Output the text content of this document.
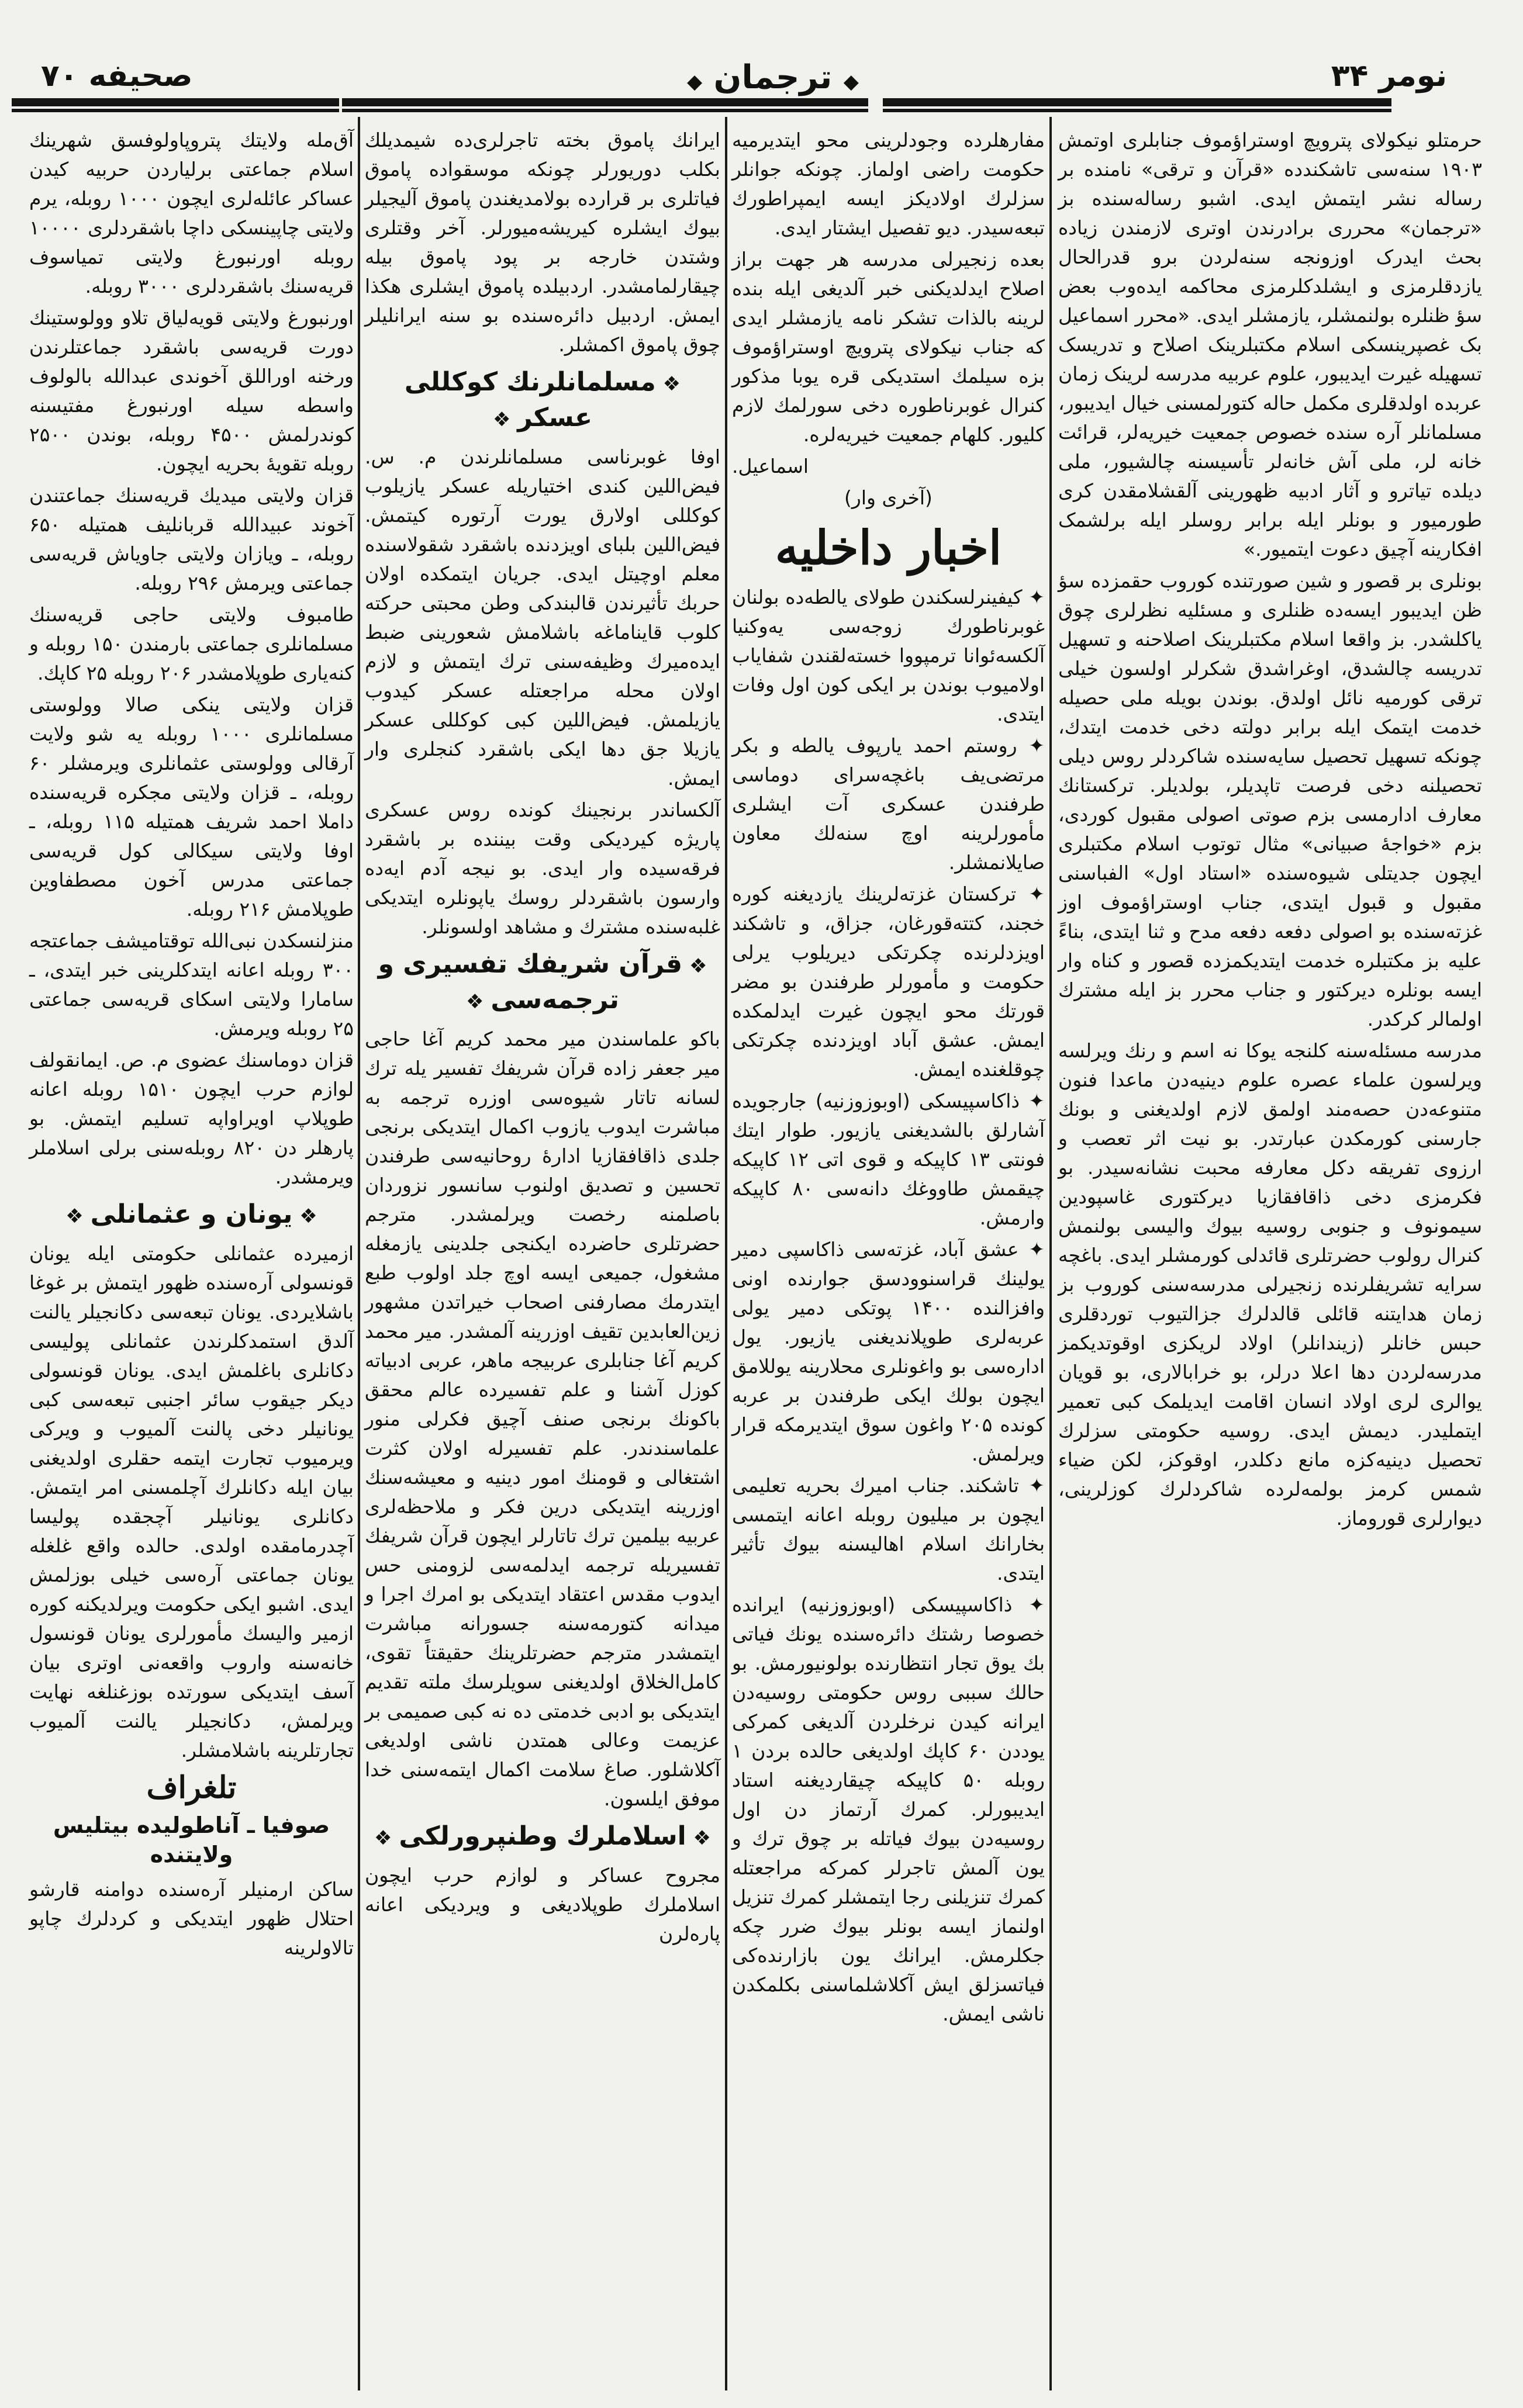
نومر ۳۴
◆ ترجمان ◆
صحیفه ۷۰

حرمتلو نیکولای پترویچ اوستراؤموف جنابلری اوتمش ۱۹۰۳ سنه‌سی تاشکندده «قرآن و ترقی» نامنده بر رساله نشر ایتمش ایدی. اشبو رساله‌سنده بز «ترجمان» محرری برادرندن اوتری لازمندن زیاده بحث ایدرک اوزونجه سنه‌لردن برو قدرالحال یازدقلرمزی و ایشلدکلرمزی محاکمه ایده‌وب بعض سؤ ظنلره بولنمشلر، یازمشلر ایدی. «محرر اسماعیل بک غصپرینسکی اسلام مکتبلرینک اصلاح و تدریسک تسهیله غیرت ایدیبور، علوم عربیه مدرسه لرینک زمان عربده اولدقلری مکمل حاله کتورلمسنی خیال ایدیبور، مسلمانلر آره سنده خصوص جمعیت خیریه‌لر، قرائت خانه لر، ملی آش خانه‌لر تأسیسنه چالشیور، ملی دیلده تیاترو و آثار ادبیه ظهورینی آلقشلامقدن کری طورمیور و بونلر ایله برابر روسلر ایله برلشمک افکارینه آچیق دعوت ایتمیور.»

بونلری بر قصور و شین صورتنده کوروب حقمزده سؤ ظن ایدیبور ایسه‌ده ظنلری و مسئلیه نظرلری چوق یاکلشدر. بز واقعا اسلام مکتبلرینک اصلاحنه و تسهیل تدریسه چالشدق، اوغراشدق شکرلر اولسون خیلی ترقی کورمیه نائل اولدق. بوندن بویله ملی حصیله خدمت ایتمک ایله برابر دولته دخی خدمت ایتدك، چونکه تسهیل تحصیل سایه‌سنده شاکردلر روس دیلی تحصیلنه دخی فرصت تاپدیلر، بولدیلر. ترکستانك معارف ادارمسی بزم صوتی اصولی مقبول کوردی، بزم «خواجهٔ صبیانی» مثال توتوب اسلام مکتبلری ایچون جدیتلی شیوه‌سنده «استاد اول» الفباسنی مقبول و قبول ایتدی، جناب اوستراؤموف اوز غزته‌سنده بو اصولی دفعه دفعه مدح و ثنا ایتدی، بناءً علیه بز مکتبلره خدمت ایتدیکمزده قصور و کناه وار ایسه بونلره دیرکتور و جناب محرر بز ایله مشترك اولمالر کرکدر.

مدرسه مسئله‌سنه کلنجه یوکا نه اسم و رنك ویرلسه ویرلسون علماء عصره علوم دینیه‌دن ماعدا فنون متنوعه‌دن حصه‌مند اولمق لازم اولدیغنی و بونك جارسنی کورمکدن عبارتدر. بو نیت اثر تعصب و ارزوی تفریقه دکل معارفه محبت نشانه‌سیدر. بو فکرمزی دخی ذاقافقازیا دیرکتوری غاسپودین سیمونوف و جنوبی روسیه بیوك والیسی بولنمش کنرال رولوب حضرتلری قائدلی کورمشلر ایدی. باغچه سرایه تشریفلرنده زنجیرلی مدرسه‌سنی کوروب بز زمان هدایتنه قائلی قالدلرك جزالتیوب توردقلری حبس خانلر (زیندانلر) اولاد لریکزی اوقوتدیکمز مدرسه‌لردن دها اعلا درلر، بو خرابالاری، بو قویان یوالری لری اولاد انسان اقامت ایدیلمک کبی تعمیر ایتملیدر. دیمش ایدی. روسیه حکومتی سزلرك تحصیل دینیه‌کزه مانع دکلدر، اوقوکز، لکن ضیاء شمس کرمز بولمه‌لرده شاکردلرك کوزلرینی، دیوارلری قوروماز.

مفارهلرده وجودلرینی محو ایتدیرمیه حکومت راضی اولماز. چونکه جوانلر سزلرك اولادیکز ایسه ایمپراطورك تبعه‌سیدر. دیو تفصیل ایشتار ایدی.

بعده زنجیرلی مدرسه هر جهت براز اصلاح ایدلدیکنی خبر آلدیغی ایله بنده لرینه بالذات تشکر نامه یازمشلر ایدی که جناب نیکولای پترویچ اوستراؤموف بزه سیلمك استدیکی قره یوبا مذکور کنرال غوبرناطوره دخی سورلمك لازم کلیور. کلهام جمعیت خیریه‌لره.

اسماعیل.

(آخری وار)

اخبار داخلیه

✦ کیفینرلسکندن طولای یالطه‌ده بولنان غوبرناطورك زوجه‌سی یه‌وکنیا آلکسه‌ئوانا ترمپووا خسته‌لقندن شفایاب اولامیوب بوندن بر ایکی کون اول وفات ایتدی.

✦ روستم احمد یارپوف یالطه و بکر مرتضی‌یف باغچه‌سرای دوماسی طرفندن عسکری آت ایشلری مأمورلرینه اوچ سنه‌لك معاون صایلانمشلر.

✦ ترکستان غزته‌لرینك یازدیغنه کوره خجند، کتته‌قورغان، جزاق، و تاشکند اویزدلرنده چکرتکی دیریلوب یرلی حکومت و مأمورلر طرفندن بو مضر قورتك محو ایچون غیرت ایدلمکده ایمش. عشق آباد اویزدنده چکرتکی چوقلغنده ایمش.

✦ ذاکاسپیسکی (اوبوزوزنیه) جارجویده آشارلق بالشدیغنی یازیور. طوار ایتك فونتی ۱۳ کاپیکه و قوی اتی ۱۲ کاپیکه چیقمش طاووغك دانه‌سی ۸۰ کاپیکه وارمش.

✦ عشق آباد، غزته‌سی ذاکاسپی دمیر یولینك قراسنوودسق جوارنده اونی وافزالنده ۱۴۰۰ پوتکی دمیر یولی عربه‌لری طوپلاندیغنی یازیور. یول اداره‌سی بو واغونلری محلارینه یوللامق ایچون بولك ایکی طرفندن بر عربه کونده ۲۰۵ واغون سوق ایتدیرمکه قرار ویرلمش.

✦ تاشکند. جناب امیرك بحریه تعلیمی ایچون بر میلیون روبله اعانه ایتمسی بخارانك اسلام اهالیسنه بیوك تأثیر ایتدی.

✦ ذاکاسپیسکی (اوبوزوزنیه) ایرانده خصوصا رشتك دائره‌سنده یونك فیاتی بك یوق تجار انتظارنده بولونیورمش. بو حالك سببی روس حکومتی روسیه‌دن ایرانه کیدن نرخلردن آلدیغی کمرکی یوددن ۶۰ کاپك اولدیغی حالده بردن ۱ روبله ۵۰ کاپیکه چیقاردیغنه استاد ایدیبورلر. کمرك آرتماز دن اول روسیه‌دن بیوك فیاتله بر چوق ترك و یون آلمش تاجرلر کمرکه مراجعتله کمرك تنزیلنی رجا ایتمشلر کمرك تنزیل اولنماز ایسه بونلر بیوك ضرر چکه جکلرمش. ایرانك یون بازارنده‌کی فیاتسزلق ایش آکلاشلماسنی بکلمکدن ناشی ایمش.

ایرانك پاموق بخته تاجرلری‌ده شیمدیلك بکلب دوریورلر چونکه موسقواده پاموق فیاتلری بر قرارده بولامدیغندن پاموق آلیجیلر بیوك ایشلره کیریشه‌میورلر. آخر وقتلری وشتدن خارجه بر پود پاموق بیله چیقارلمامشدر. اردبیلده پاموق ایشلری هکذا ایمش. اردبیل دائره‌سنده بو سنه ایرانلیلر چوق پاموق اکمشلر.

❖ مسلمانلرنك کوکللی عسکر ❖

اوفا غوبرناسی مسلمانلرندن م. س. فیض‌اللین کندی اختیاریله عسکر یازیلوب کوکللی اولارق یورت آرتوره کیتمش. فیض‌اللین بلبای اویزدنده باشقرد شقولاسنده معلم اوچیتل ایدی. جریان ایتمکده اولان حربك تأثیرندن قالبندکی وطن محبتی حرکته کلوب قایناماغه باشلامش شعورینی ضبط ایده‌میرك وظیفه‌سنی ترك ایتمش و لازم اولان محله مراجعتله عسکر کیدوب یازیلمش. فیض‌اللین کبی کوکللی عسکر یازیلا جق دها ایکی باشقرد کنجلری وار ایمش.

آلکساندر برنجینك کونده روس عسکری پاریژه کیردیکی وقت بیننده بر باشقرد فرقه‌سیده وار ایدی. بو نیجه آدم ایه‌ده وارسون باشقردلر روسك یاپونلره ایتدیکی غلبه‌سنده مشترك و مشاهد اولسونلر.

❖ قرآن شریفك تفسیری و ترجمه‌سی ❖

باکو علماسندن میر محمد کریم آغا حاجی میر جعفر زاده قرآن شریفك تفسیر یله ترك لسانه تاتار شیوه‌سی اوزره ترجمه به مباشرت ایدوب یازوب اکمال ایتدیکی برنجی جلدی ذاقافقازیا ادارهٔ روحانیه‌سی طرفندن تحسین و تصدیق اولنوب سانسور نزوردان باصلمنه رخصت ویرلمشدر. مترجم حضرتلری حاضرده ایکنجی جلدینی یازمغله مشغول، جمیعی ایسه اوچ جلد اولوب طبع ایتدرمك مصارفنی اصحاب خیراتدن مشهور زین‌العابدین تقیف اوزرینه آلمشدر. میر محمد کریم آغا جنابلری عربیجه ماهر، عربی ادبیاته کوزل آشنا و علم تفسیرده عالم محقق باکونك برنجی صنف آچیق فکرلی منور علماسندندر. علم تفسیرله اولان کثرت اشتغالی و قومنك امور دینیه و معیشه‌سنك اوزرینه ایتدیکی درین فکر و ملاحظه‌لری عربیه بیلمین ترك تاتارلر ایچون قرآن شریفك تفسیریله ترجمه ایدلمه‌سی لزومنی حس ایدوب مقدس اعتقاد ایتدیکی بو امرك اجرا و میدانه کتورمه‌سنه جسورانه مباشرت ایتمشدر مترجم حضرتلرینك حقیقتاً تقوی، کامل‌الخلاق اولدیغنی سویلرسك ملته تقدیم ایتدیکی بو ادبی خدمتی ده نه کبی صمیمی بر عزیمت وعالی همتدن ناشی اولدیغی آکلاشلور. صاغ سلامت اکمال ایتمه‌سنی خدا موفق ایلسون.

❖ اسلاملرك وطنپرورلکی ❖

مجروح عساکر و لوازم حرب ایچون اسلاملرك طوپلادیغی و ویردیکی اعانه پاره‌لرن

آق‌مله ولایتك پتروپاولوفسق شهرینك اسلام جماعتی برلیاردن حربیه کیدن عساکر عائله‌لری ایچون ۱۰۰۰ روبله، یرم ولایتی چاپینسکی داچا باشقردلری ۱۰۰۰۰ روبله اورنبورغ ولایتی تمیاسوف قریه‌سنك باشقردلری ۳۰۰۰ روبله.

اورنبورغ ولایتی قویه‌لیاق تلاو وولوستینك دورت قریه‌سی باشقرد جماعتلرندن ورخنه اوراللق آخوندی عبدالله بالولوف واسطه سیله اورنبورغ مفتیسنه کوندرلمش ۴۵۰۰ روبله، بوندن ۲۵۰۰ روبله تقویهٔ بحریه ایچون.

قزان ولایتی میدیك قریه‌سنك جماعتندن آخوند عبیدالله قربانلیف همتیله ۶۵۰ روبله، ـ ویازان ولایتی جاویاش قریه‌سی جماعتی ویرمش ۲۹۶ روبله.

طامبوف ولایتی حاجی قریه‌سنك مسلمانلری جماعتی بارمندن ۱۵۰ روبله و کنه‌یاری طوپلامشدر ۲۰۶ روبله ۲۵ کاپك.

قزان ولایتی ینکی صالا وولوستی مسلمانلری ۱۰۰۰ روبله یه شو ولایت آرقالی وولوستی عثمانلری ویرمشلر ۶۰ روبله، ـ قزان ولایتی مجکره قریه‌سنده داملا احمد شریف همتیله ۱۱۵ روبله، ـ اوفا ولایتی سیکالی کول قریه‌سی جماعتی مدرس آخون مصطفاوین طوپلامش ۲۱۶ روبله.

منزلنسکدن نبی‌الله توقتامیشف جماعتجه ۳۰۰ روبله اعانه ایتدکلرینی خبر ایتدی، ـ سامارا ولایتی اسکای قریه‌سی جماعتی ۲۵ روبله ویرمش.

قزان دوماسنك عضوی م. ص. ایمانقولف لوازم حرب ایچون ۱۵۱۰ روبله اعانه طوپلاپ اویراواپه تسلیم ایتمش. بو پارهلر دن ۸۲۰ روبله‌سنی برلی اسلاملر ویرمشدر.

❖ یونان و عثمانلی ❖

ازمیرده عثمانلی حکومتی ایله یونان قونسولی آره‌سنده ظهور ایتمش بر غوغا باشلایردی. یونان تبعه‌سی دکانجیلر یالنت آلدق استمدکلرندن عثمانلی پولیسی دکانلری باغلمش ایدی. یونان قونسولی دیکر جیقوب سائر اجنبی تبعه‌سی کبی یونانیلر دخی پالنت آلمیوب و ویرکی ویرمیوب تجارت ایتمه حقلری اولدیغنی بیان ایله دکانلرك آچلمسنی امر ایتمش. دکانلری یونانیلر آچجقده پولیسا آچدرمامقده اولدی. حالده واقع غلغله یونان جماعتی آره‌سی خیلی بوزلمش ایدی. اشبو ایکی حکومت ویرلدیکنه کوره ازمیر والیسك مأمورلری یونان قونسول خانه‌سنه واروب واقعه‌نی اوتری بیان آسف ایتدیکی سورتده بوزغنلغه نهایت ویرلمش، دکانجیلر یالنت آلمیوب تجارتلرینه باشلامشلر.

تلغراف

صوفیا ـ آناطولیده بیتلیس ولایتنده

ساکن ارمنیلر آره‌سنده دوامنه قارشو احتلال ظهور ایتدیکی و کردلرك چاپو تالاولرینه
